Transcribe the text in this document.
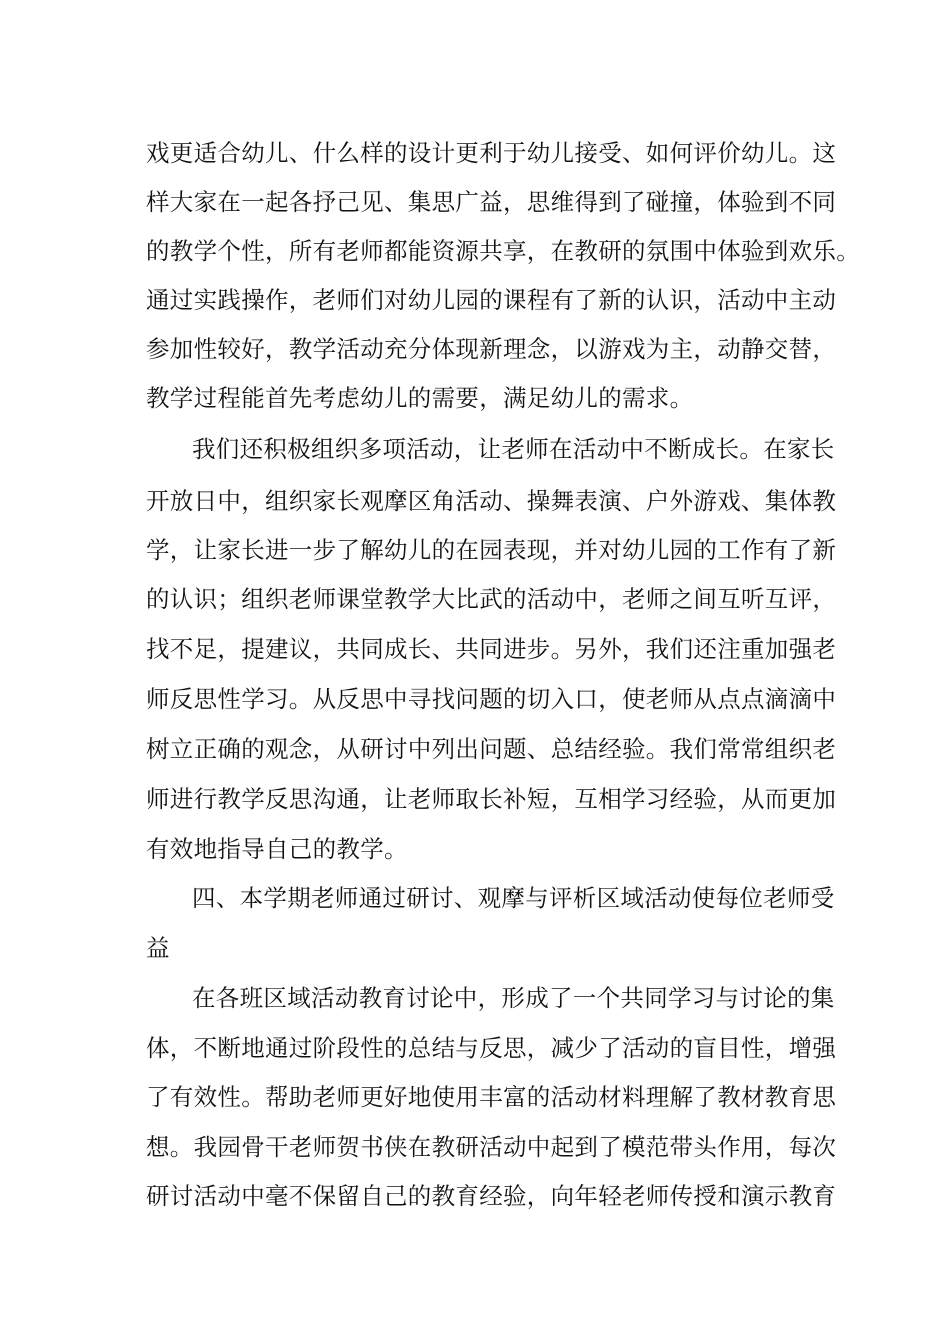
戏更适合幼儿、什么样的设计更利于幼儿接受、如何评价幼儿。这
样大家在一起各抒己见、集思广益，思维得到了碰撞，体验到不同
的教学个性，所有老师都能资源共享，在教研的氛围中体验到欢乐。
通过实践操作，老师们对幼儿园的课程有了新的认识，活动中主动
参加性较好，教学活动充分体现新理念，以游戏为主，动静交替，
教学过程能首先考虑幼儿的需要，满足幼儿的需求。
我们还积极组织多项活动，让老师在活动中不断成长。在家长
开放日中，组织家长观摩区角活动、操舞表演、户外游戏、集体教
学，让家长进一步了解幼儿的在园表现，并对幼儿园的工作有了新
的认识；组织老师课堂教学大比武的活动中，老师之间互听互评，
找不足，提建议，共同成长、共同进步。另外，我们还注重加强老
师反思性学习。从反思中寻找问题的切入口，使老师从点点滴滴中
树立正确的观念，从研讨中列出问题、总结经验。我们常常组织老
师进行教学反思沟通，让老师取长补短，互相学习经验，从而更加
有效地指导自己的教学。
四、本学期老师通过研讨、观摩与评析区域活动使每位老师受
益
在各班区域活动教育讨论中，形成了一个共同学习与讨论的集
体，不断地通过阶段性的总结与反思，减少了活动的盲目性，增强
了有效性。帮助老师更好地使用丰富的活动材料理解了教材教育思
想。我园骨干老师贺书侠在教研活动中起到了模范带头作用，每次
研讨活动中毫不保留自己的教育经验，向年轻老师传授和演示教育
